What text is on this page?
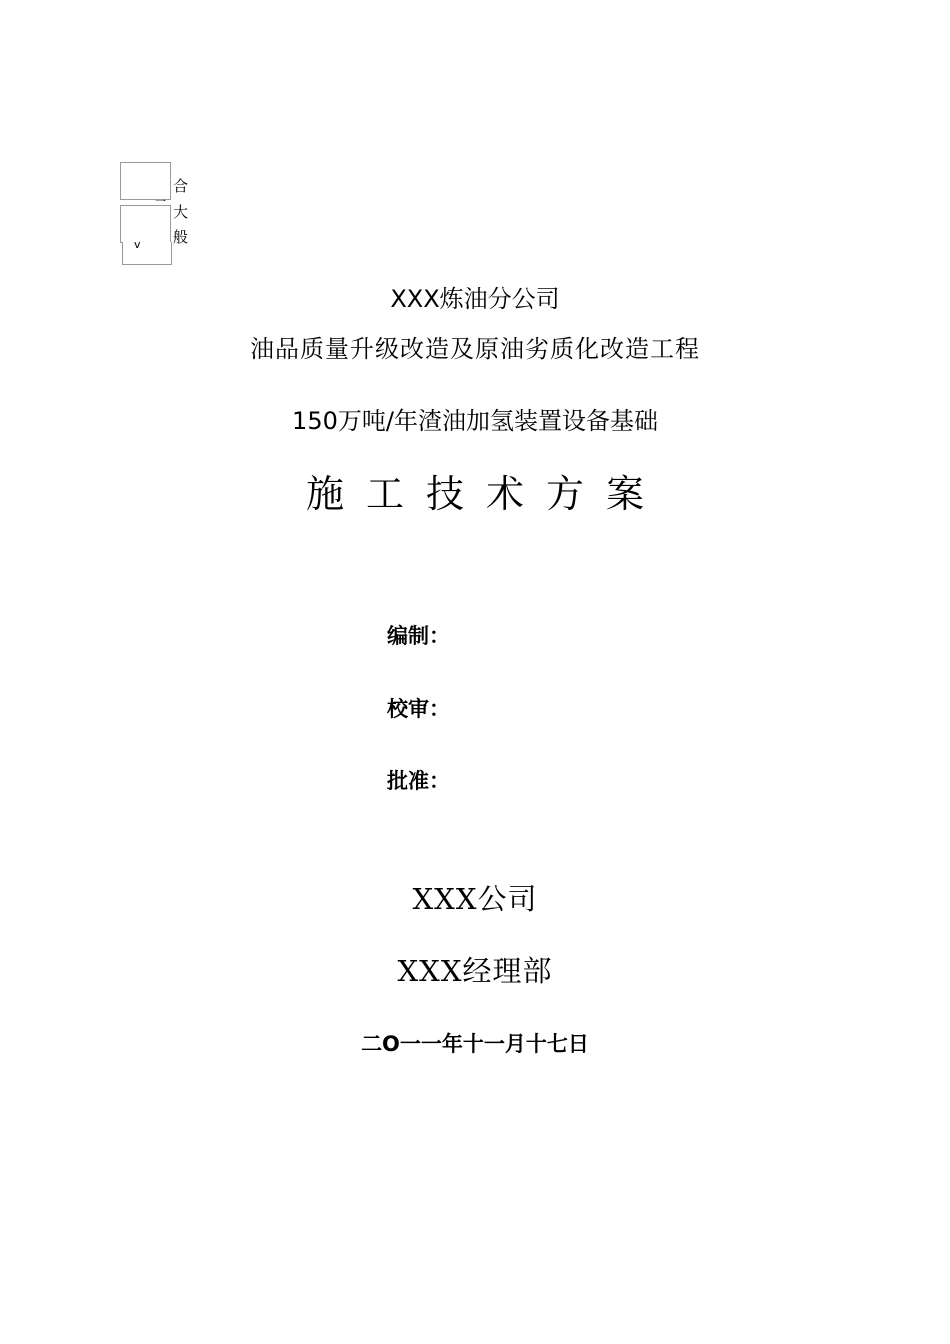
一
v
合
大
般
XXX炼油分公司
油品质量升级改造及原油劣质化改造工程
150万吨/年渣油加氢装置设备基础
施工技术方案
编制：
校审：
批准：
XXX公司
XXX经理部
二O一一年十一月十七日
